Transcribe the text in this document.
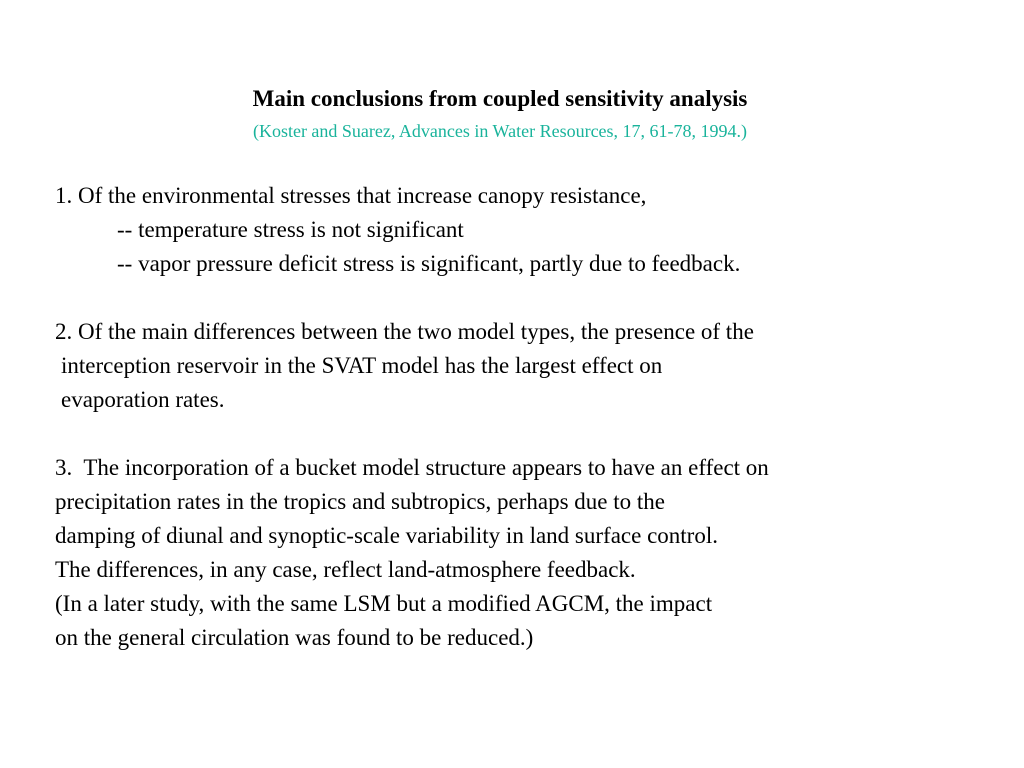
Main conclusions from coupled sensitivity analysis
(Koster and Suarez, Advances in Water Resources, 17, 61-78, 1994.)
1. Of the environmental stresses that increase canopy resistance,
-- temperature stress is not significant
-- vapor pressure deficit stress is significant, partly due to feedback.
2. Of the main differences between the two model types, the presence of the
interception reservoir in the SVAT model has the largest effect on
evaporation rates.
3.  The incorporation of a bucket model structure appears to have an effect on
precipitation rates in the tropics and subtropics, perhaps due to the
damping of diunal and synoptic-scale variability in land surface control.
The differences, in any case, reflect land-atmosphere feedback.
(In a later study, with the same LSM but a modified AGCM, the impact
on the general circulation was found to be reduced.)
